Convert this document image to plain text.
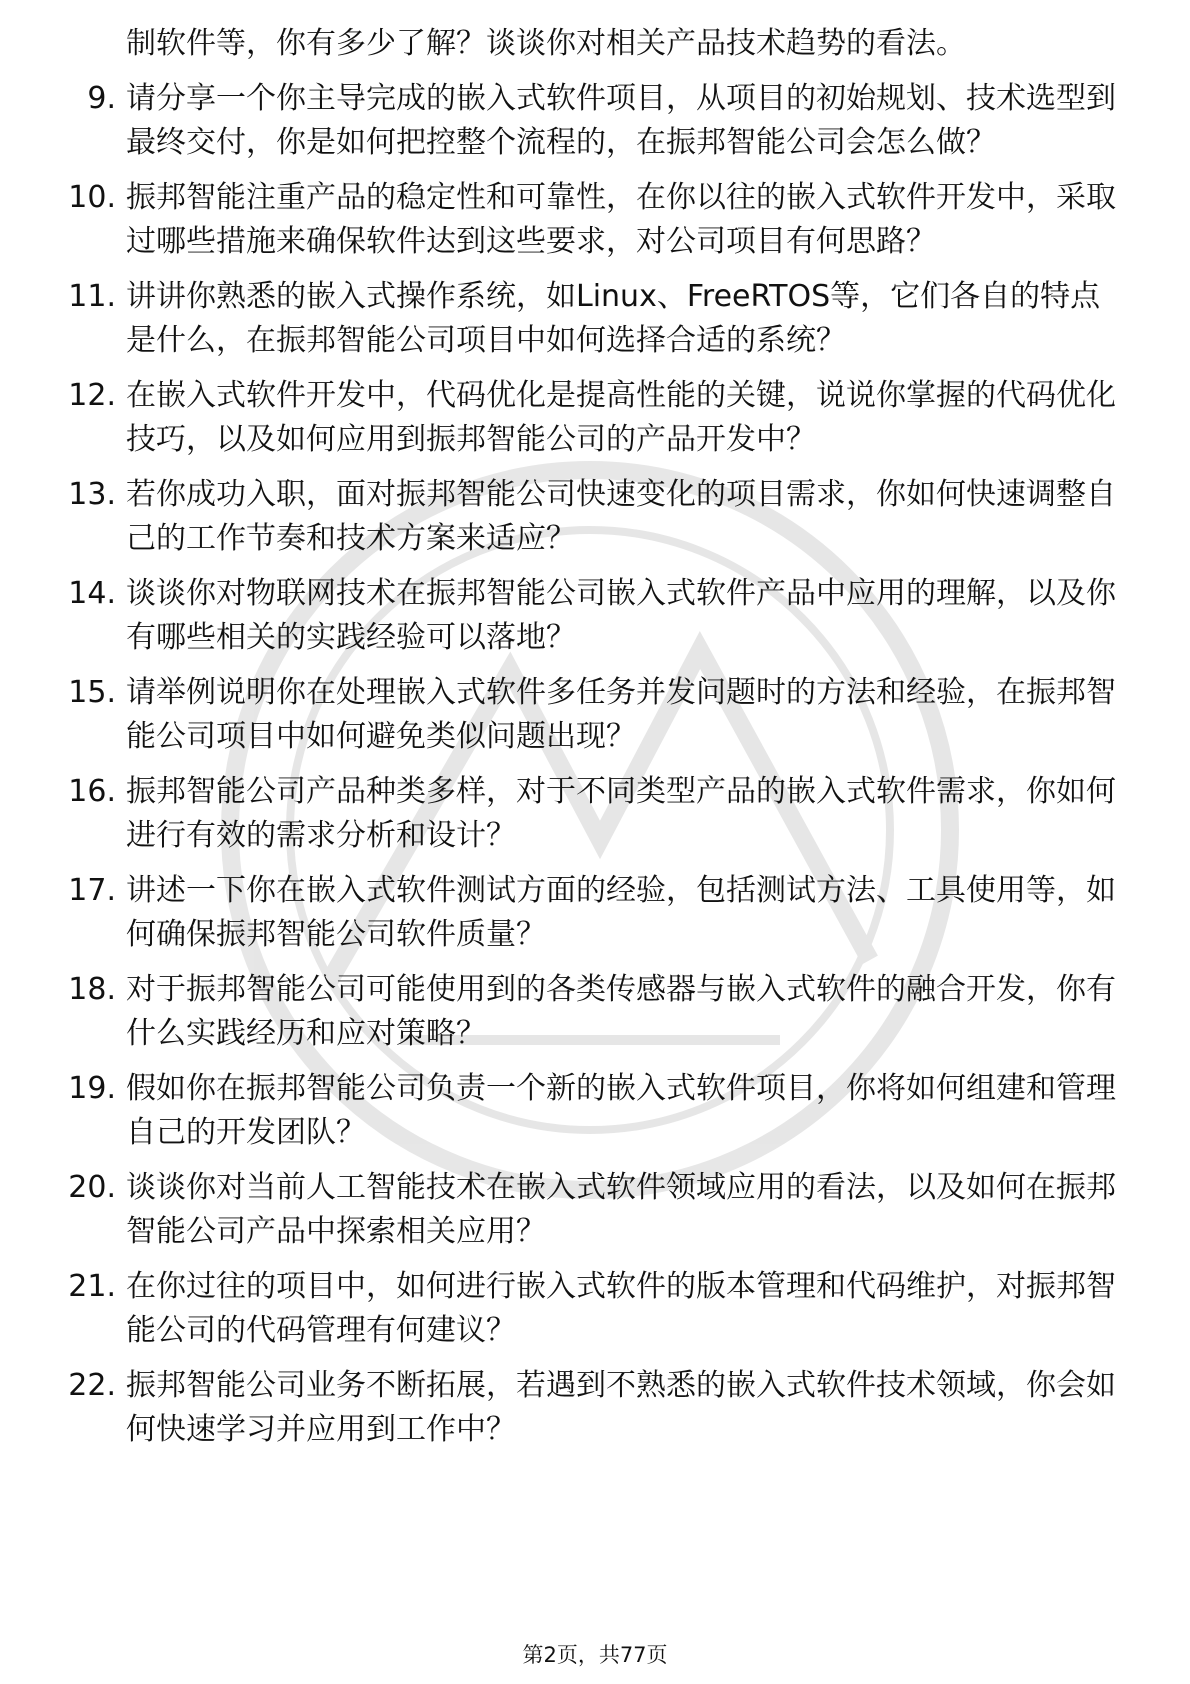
制软件等，你有多少了解？谈谈你对相关产品技术趋势的看法。
9. 请分享一个你主导完成的嵌入式软件项目，从项目的初始规划、技术选型到最终交付，你是如何把控整个流程的，在振邦智能公司会怎么做？
10. 振邦智能注重产品的稳定性和可靠性，在你以往的嵌入式软件开发中，采取过哪些措施来确保软件达到这些要求，对公司项目有何思路？
11. 讲讲你熟悉的嵌入式操作系统，如Linux、FreeRTOS等，它们各自的特点是什么，在振邦智能公司项目中如何选择合适的系统？
12. 在嵌入式软件开发中，代码优化是提高性能的关键，说说你掌握的代码优化技巧，以及如何应用到振邦智能公司的产品开发中？
13. 若你成功入职，面对振邦智能公司快速变化的项目需求，你如何快速调整自己的工作节奏和技术方案来适应？
14. 谈谈你对物联网技术在振邦智能公司嵌入式软件产品中应用的理解，以及你有哪些相关的实践经验可以落地？
15. 请举例说明你在处理嵌入式软件多任务并发问题时的方法和经验，在振邦智能公司项目中如何避免类似问题出现？
16. 振邦智能公司产品种类多样，对于不同类型产品的嵌入式软件需求，你如何进行有效的需求分析和设计？
17. 讲述一下你在嵌入式软件测试方面的经验，包括测试方法、工具使用等，如何确保振邦智能公司软件质量？
18. 对于振邦智能公司可能使用到的各类传感器与嵌入式软件的融合开发，你有什么实践经历和应对策略？
19. 假如你在振邦智能公司负责一个新的嵌入式软件项目，你将如何组建和管理自己的开发团队？
20. 谈谈你对当前人工智能技术在嵌入式软件领域应用的看法，以及如何在振邦智能公司产品中探索相关应用？
21. 在你过往的项目中，如何进行嵌入式软件的版本管理和代码维护，对振邦智能公司的代码管理有何建议？
22. 振邦智能公司业务不断拓展，若遇到不熟悉的嵌入式软件技术领域，你会如何快速学习并应用到工作中？
第2页，共77页
